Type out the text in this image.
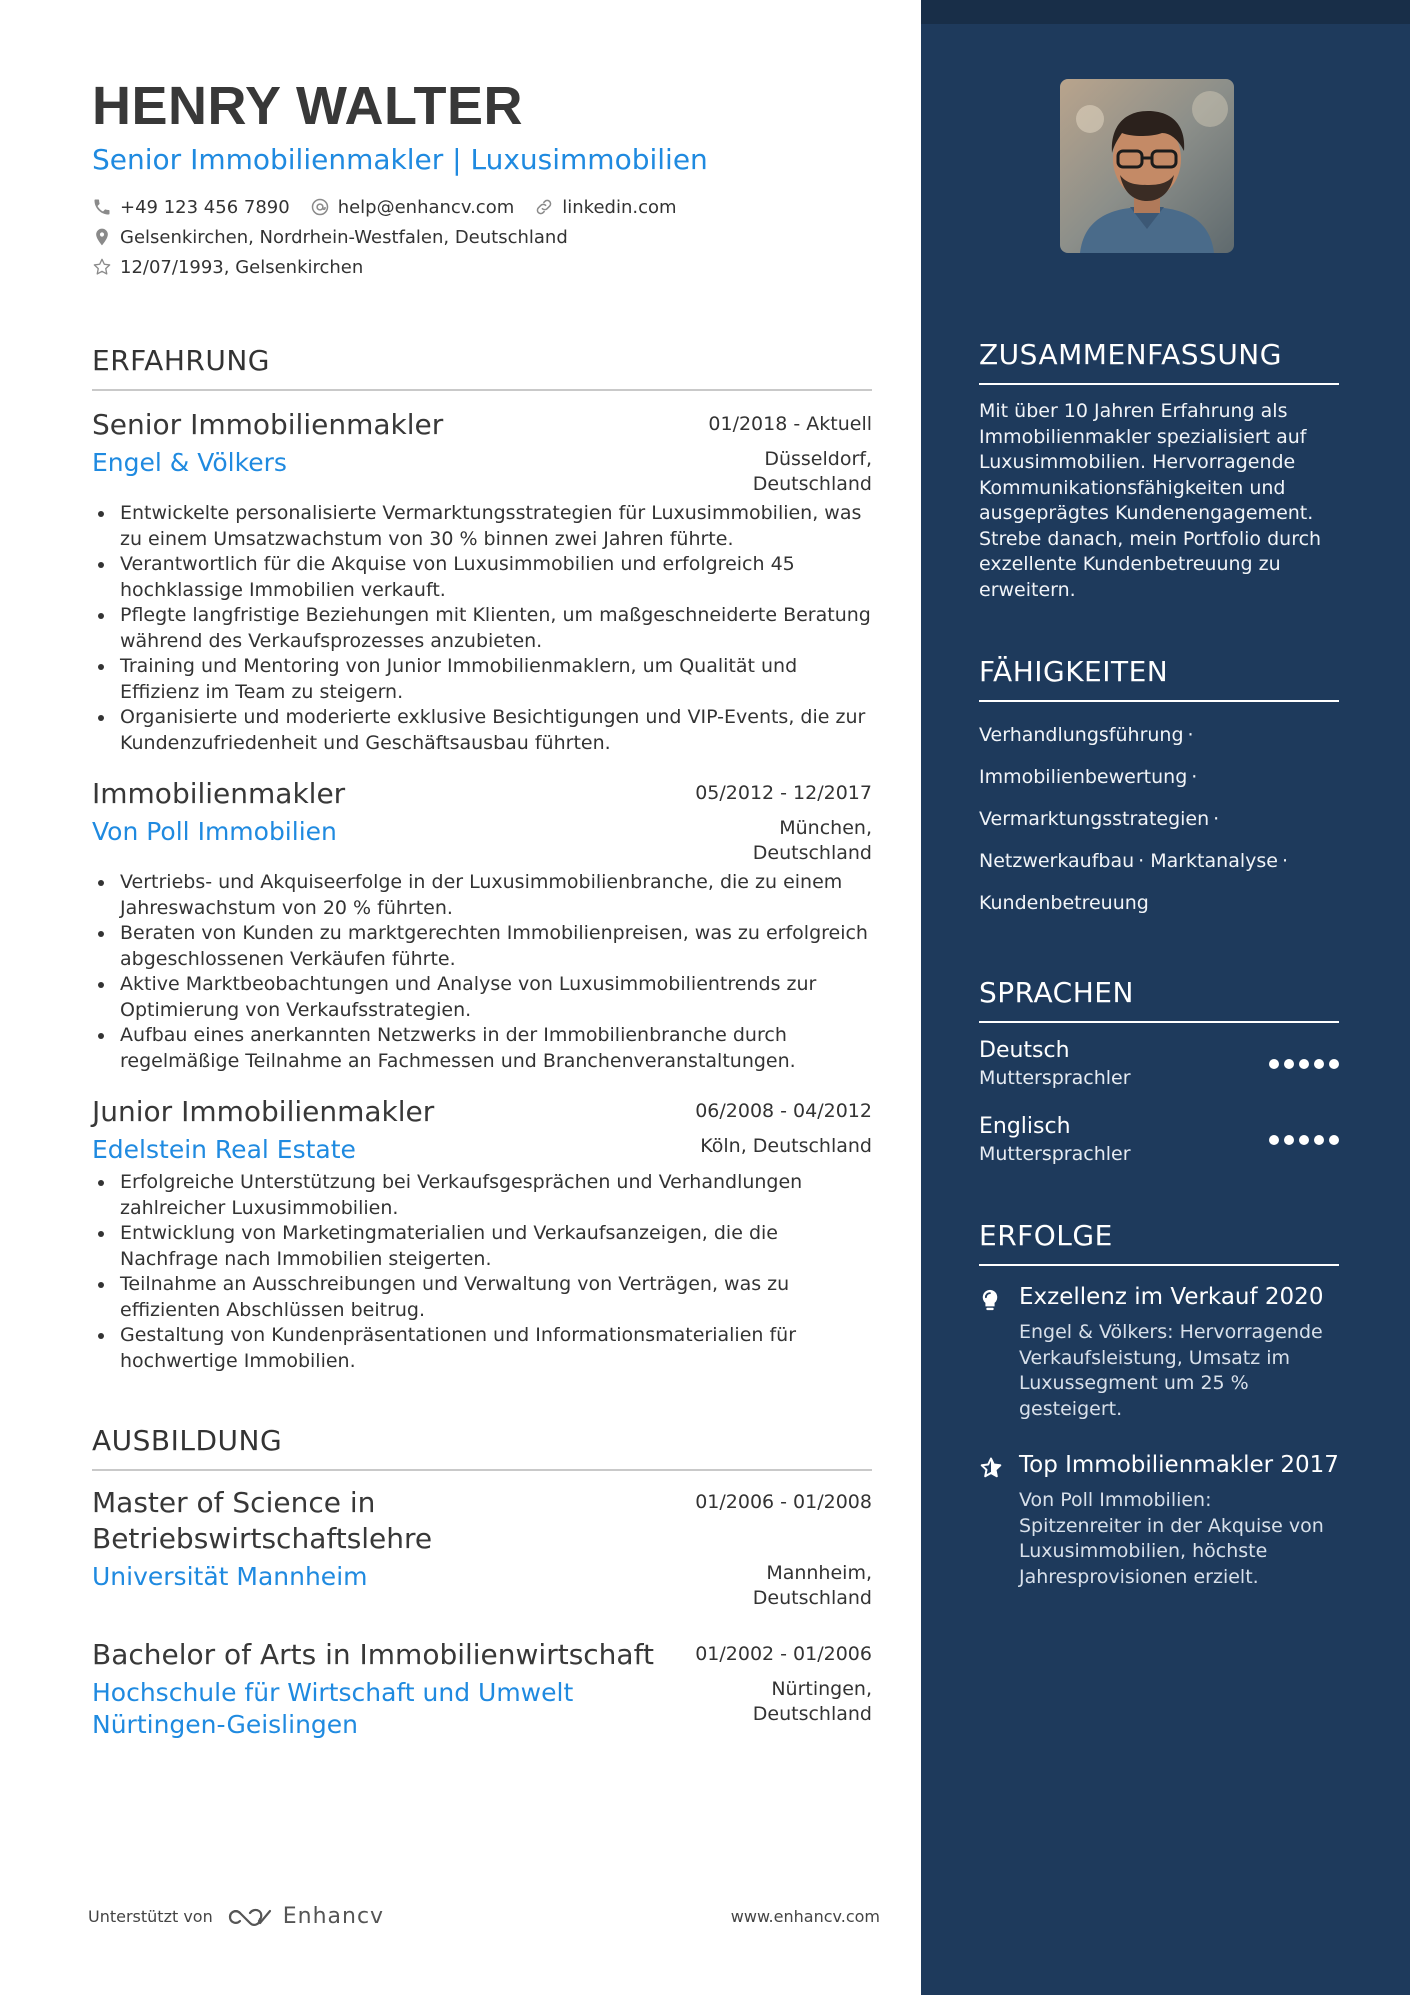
HENRY WALTER
Senior Immobilienmakler | Luxusimmobilien
+49 123 456 7890	help@enhancv.com	linkedin.com
Gelsenkirchen, Nordrhein-Westfalen, Deutschland
12/07/1993, Gelsenkirchen
ERFAHRUNG
Senior Immobilienmakler	01/2018 - Aktuell
Engel & Völkers	Düsseldorf,
Deutschland
Entwickelte personalisierte Vermarktungsstrategien für Luxusimmobilien, was zu einem Umsatzwachstum von 30 % binnen zwei Jahren führte.
Verantwortlich für die Akquise von Luxusimmobilien und erfolgreich 45 hochklassige Immobilien verkauft.
Pflegte langfristige Beziehungen mit Klienten, um maßgeschneiderte Beratung während des Verkaufsprozesses anzubieten.
Training und Mentoring von Junior Immobilienmaklern, um Qualität und Effizienz im Team zu steigern.
Organisierte und moderierte exklusive Besichtigungen und VIP-Events, die zur Kundenzufriedenheit und Geschäftsausbau führten.
Immobilienmakler	05/2012 - 12/2017
Von Poll Immobilien	München,
Deutschland
Vertriebs- und Akquiseerfolge in der Luxusimmobilienbranche, die zu einem Jahreswachstum von 20 % führten.
Beraten von Kunden zu marktgerechten Immobilienpreisen, was zu erfolgreich abgeschlossenen Verkäufen führte.
Aktive Marktbeobachtungen und Analyse von Luxusimmobilientrends zur Optimierung von Verkaufsstrategien.
Aufbau eines anerkannten Netzwerks in der Immobilienbranche durch regelmäßige Teilnahme an Fachmessen und Branchenveranstaltungen.
Junior Immobilienmakler	06/2008 - 04/2012
Edelstein Real Estate	Köln, Deutschland
Erfolgreiche Unterstützung bei Verkaufsgesprächen und Verhandlungen zahlreicher Luxusimmobilien.
Entwicklung von Marketingmaterialien und Verkaufsanzeigen, die die Nachfrage nach Immobilien steigerten.
Teilnahme an Ausschreibungen und Verwaltung von Verträgen, was zu effizienten Abschlüssen beitrug.
Gestaltung von Kundenpräsentationen und Informationsmaterialien für hochwertige Immobilien.
AUSBILDUNG
Master of Science in Betriebswirtschaftslehre
01/2006 - 01/2008
Universität Mannheim	Mannheim,
Deutschland
Bachelor of Arts in Immobilienwirtschaft 01/2002 - 01/2006
Hochschule für Wirtschaft und Umwelt Nürtingen-Geislingen
Nürtingen,
Deutschland
Unterstützt von	Enhancv	www.enhancv.com
ZUSAMMENFASSUNG
Mit über 10 Jahren Erfahrung als Immobilienmakler spezialisiert auf Luxusimmobilien. Hervorragende Kommunikationsfähigkeiten und ausgeprägtes Kundenengagement. Strebe danach, mein Portfolio durch exzellente Kundenbetreuung zu erweitern.
FÄHIGKEITEN
Verhandlungsführung ·
Immobilienbewertung ·
Vermarktungsstrategien ·
Netzwerkaufbau · Marktanalyse ·
Kundenbetreuung
SPRACHEN
Deutsch
Muttersprachler
Englisch
Muttersprachler
ERFOLGE
Exzellenz im Verkauf 2020
Engel & Völkers: Hervorragende Verkaufsleistung, Umsatz im Luxussegment um 25 % gesteigert.
Top Immobilienmakler 2017
Von Poll Immobilien: Spitzenreiter in der Akquise von Luxusimmobilien, höchste Jahresprovisionen erzielt.
